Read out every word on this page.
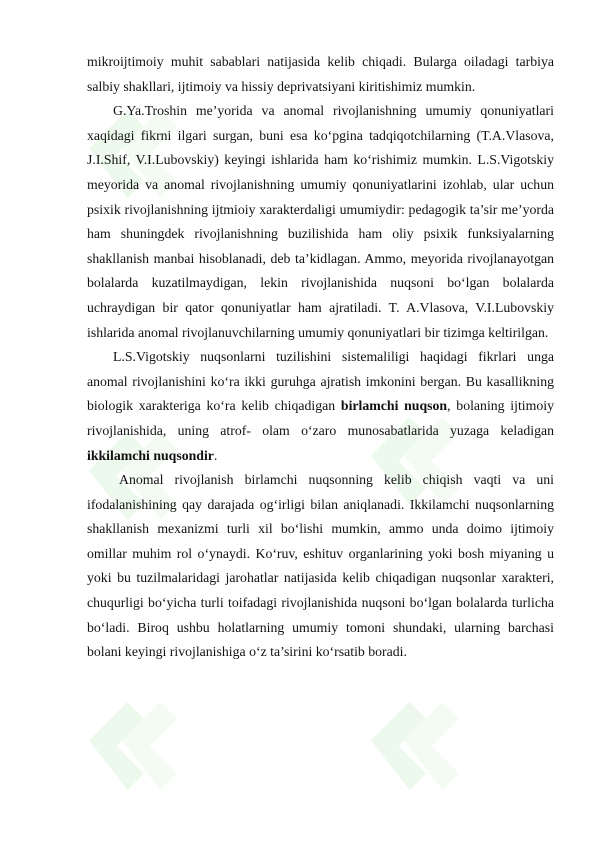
mikroijtimoiy muhit sabablari natijasida kelib chiqadi. Bularga oiladagi tarbiya salbiy shakllari, ijtimoiy va hissiy deprivatsiyani kiritishimiz mumkin.

G.Ya.Troshin me’yorida va anomal rivojlanishning umumiy qonuniyatlari xaqidagi fikrni ilgari surgan, buni esa ko‘pgina tadqiqotchilarning (T.A.Vlasova, J.I.Shif, V.I.Lubovskiy) keyingi ishlarida ham ko‘rishimiz mumkin. L.S.Vigotskiy meyorida va anomal rivojlanishning umumiy qonuniyatlarini izohlab, ular uchun psixik rivojlanishning ijtmioiy xarakterdaligi umumiydir: pedagogik ta’sir me’yorda ham shuningdek rivojlanishning buzilishida ham oliy psixik funksiyalarning shakllanish manbai hisoblanadi, deb ta’kidlagan. Ammo, meyorida rivojlanayotgan bolalarda kuzatilmaydigan, lekin rivojlanishida nuqsoni bo‘lgan bolalarda uchraydigan bir qator qonuniyatlar ham ajratiladi. T. A.Vlasova, V.I.Lubovskiy ishlarida anomal rivojlanuvchilarning umumiy qonuniyatlari bir tizimga keltirilgan.

L.S.Vigotskiy nuqsonlarni tuzilishini sistemaliligi haqidagi fikrlari unga anomal rivojlanishini ko‘ra ikki guruhga ajratish imkonini bergan. Bu kasallikning biologik xarakteriga ko‘ra kelib chiqadigan birlamchi nuqson, bolaning ijtimoiy rivojlanishida, uning atrof- olam o‘zaro munosabatlarida yuzaga keladigan ikkilamchi nuqsondir.

Anomal rivojlanish birlamchi nuqsonning kelib chiqish vaqti va uni ifodalanishining qay darajada og‘irligi bilan aniqlanadi. Ikkilamchi nuqsonlarning shakllanish mexanizmi turli xil bo‘lishi mumkin, ammo unda doimo ijtimoiy omillar muhim rol o‘ynaydi. Ko‘ruv, eshituv organlarining yoki bosh miyaning u yoki bu tuzilmalaridagi jarohatlar natijasida kelib chiqadigan nuqsonlar xarakteri, chuqurligi bo‘yicha turli toifadagi rivojlanishida nuqsoni bo‘lgan bolalarda turlicha bo‘ladi. Biroq ushbu holatlarning umumiy tomoni shundaki, ularning barchasi bolani keyingi rivojlanishiga o‘z ta’sirini ko‘rsatib boradi.
